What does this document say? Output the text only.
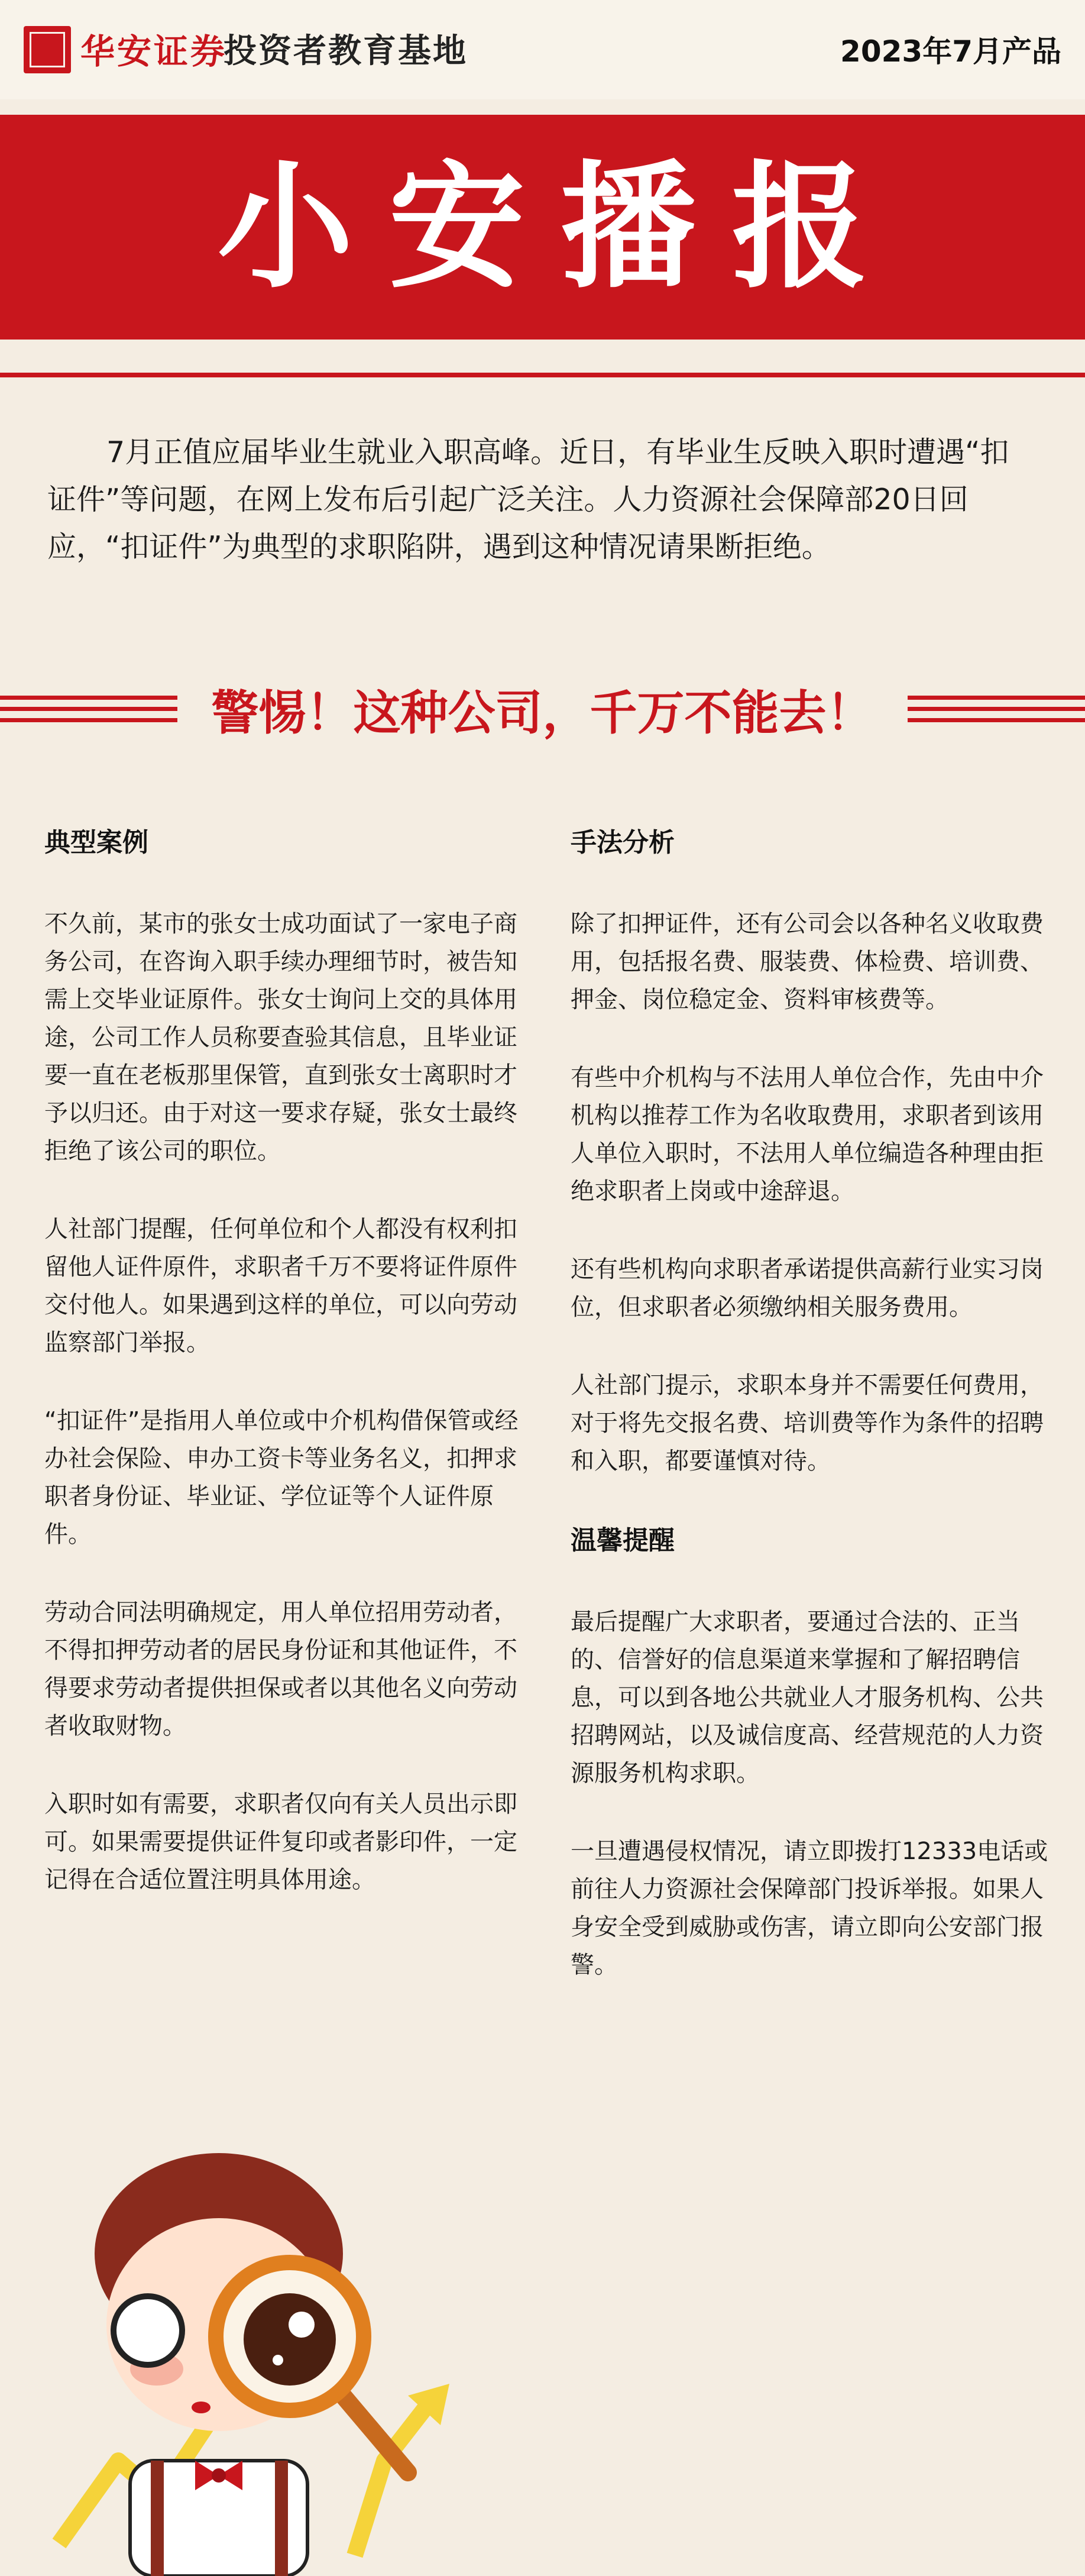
华安证券
投资者教育基地	2023年7月产品
小安播报
7月正值应届毕业生就业入职高峰。近日，有毕业生反映入职时遭遇“扣证件”等问题，在网上发布后引起广泛关注。人力资源社会保障部20日回应，“扣证件”为典型的求职陷阱，遇到这种情况请果断拒绝。
警惕！这种公司，千万不能去！
典型案例
不久前，某市的张女士成功面试了一家电子商务公司，在咨询入职手续办理细节时，被告知需上交毕业证原件。张女士询问上交的具体用途，公司工作人员称要查验其信息，且毕业证要一直在老板那里保管，直到张女士离职时才予以归还。由于对这一要求存疑，张女士最终拒绝了该公司的职位。
人社部门提醒，任何单位和个人都没有权利扣留他人证件原件，求职者千万不要将证件原件交付他人。如果遇到这样的单位，可以向劳动监察部门举报。
“扣证件”是指用人单位或中介机构借保管或经办社会保险、申办工资卡等业务名义，扣押求职者身份证、毕业证、学位证等个人证件原件。
劳动合同法明确规定，用人单位招用劳动者，不得扣押劳动者的居民身份证和其他证件，不得要求劳动者提供担保或者以其他名义向劳动者收取财物。
入职时如有需要，求职者仅向有关人员出示即可。如果需要提供证件复印或者影印件，一定记得在合适位置注明具体用途。
手法分析
除了扣押证件，还有公司会以各种名义收取费用，包括报名费、服装费、体检费、培训费、押金、岗位稳定金、资料审核费等。
有些中介机构与不法用人单位合作，先由中介机构以推荐工作为名收取费用，求职者到该用人单位入职时，不法用人单位编造各种理由拒绝求职者上岗或中途辞退。
还有些机构向求职者承诺提供高薪行业实习岗位，但求职者必须缴纳相关服务费用。
人社部门提示，求职本身并不需要任何费用，对于将先交报名费、培训费等作为条件的招聘和入职，都要谨慎对待。
温馨提醒
最后提醒广大求职者，要通过合法的、正当的、信誉好的信息渠道来掌握和了解招聘信息，可以到各地公共就业人才服务机构、公共招聘网站，以及诚信度高、经营规范的人力资源服务机构求职。
一旦遭遇侵权情况，请立即拨打12333电话或前往人力资源社会保障部门投诉举报。如果人身安全受到威胁或伤害，请立即向公安部门报警。
